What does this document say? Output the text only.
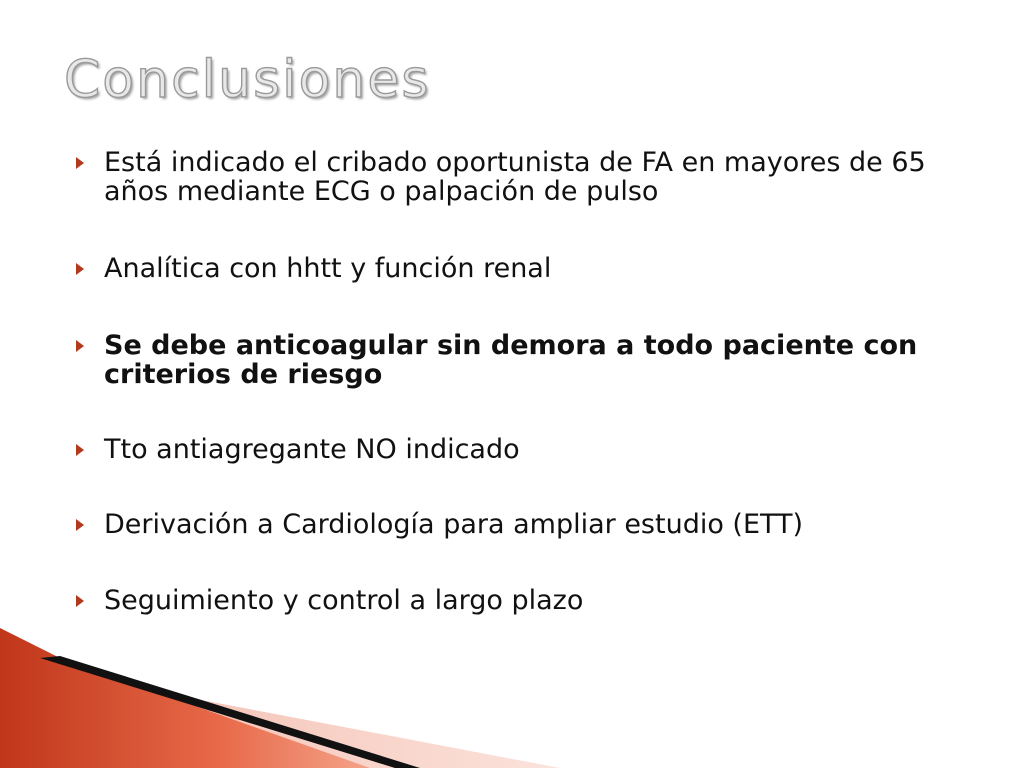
Conclusiones
Está indicado el cribado oportunista de FA en mayores de 65 años mediante ECG o palpación de pulso
Analítica con hhtt y función renal
Se debe anticoagular sin demora a todo paciente con criterios de riesgo
Tto antiagregante NO indicado
Derivación a Cardiología para ampliar estudio (ETT)
Seguimiento y control a largo plazo
